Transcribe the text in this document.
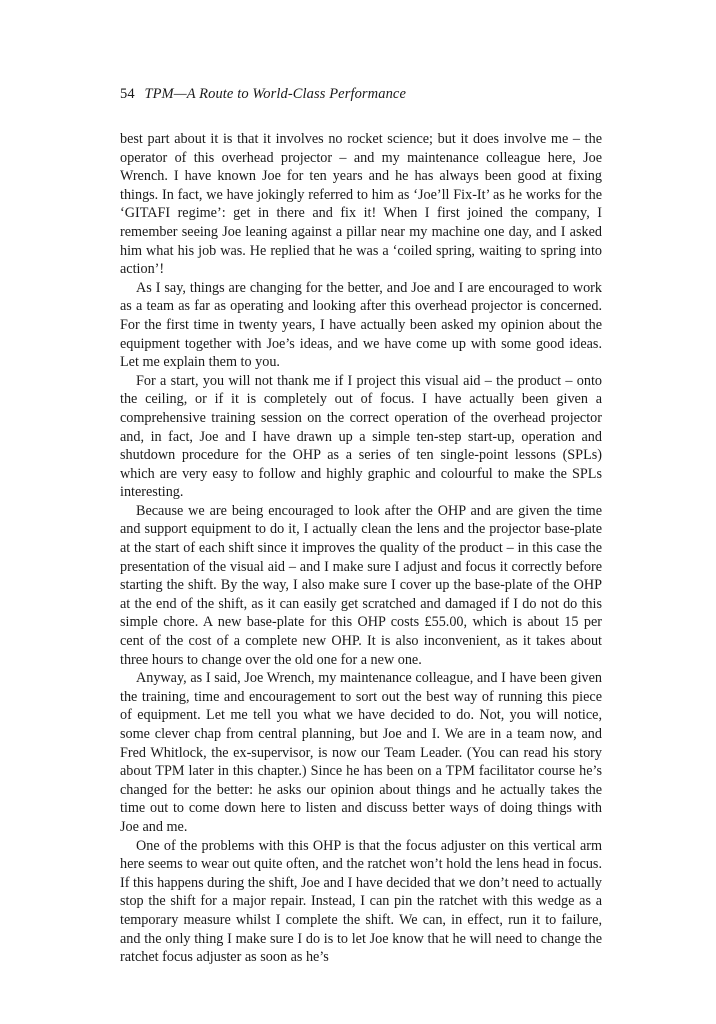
54 TPM—A Route to World-Class Performance

best part about it is that it involves no rocket science; but it does involve me – the operator of this overhead projector – and my maintenance colleague here, Joe Wrench. I have known Joe for ten years and he has always been good at fixing things. In fact, we have jokingly referred to him as ‘Joe’ll Fix-It’ as he works for the ‘GITAFI regime’: get in there and fix it! When I first joined the company, I remember seeing Joe leaning against a pillar near my machine one day, and I asked him what his job was. He replied that he was a ‘coiled spring, waiting to spring into action’!

As I say, things are changing for the better, and Joe and I are encouraged to work as a team as far as operating and looking after this overhead projector is concerned. For the first time in twenty years, I have actually been asked my opinion about the equipment together with Joe’s ideas, and we have come up with some good ideas. Let me explain them to you.

For a start, you will not thank me if I project this visual aid – the product – onto the ceiling, or if it is completely out of focus. I have actually been given a comprehensive training session on the correct operation of the overhead projector and, in fact, Joe and I have drawn up a simple ten-step start-up, operation and shutdown procedure for the OHP as a series of ten single-point lessons (SPLs) which are very easy to follow and highly graphic and colourful to make the SPLs interesting.

Because we are being encouraged to look after the OHP and are given the time and support equipment to do it, I actually clean the lens and the projector base-plate at the start of each shift since it improves the quality of the product – in this case the presentation of the visual aid – and I make sure I adjust and focus it correctly before starting the shift. By the way, I also make sure I cover up the base-plate of the OHP at the end of the shift, as it can easily get scratched and damaged if I do not do this simple chore. A new base-plate for this OHP costs £55.00, which is about 15 per cent of the cost of a complete new OHP. It is also inconvenient, as it takes about three hours to change over the old one for a new one.

Anyway, as I said, Joe Wrench, my maintenance colleague, and I have been given the training, time and encouragement to sort out the best way of running this piece of equipment. Let me tell you what we have decided to do. Not, you will notice, some clever chap from central planning, but Joe and I. We are in a team now, and Fred Whitlock, the ex-supervisor, is now our Team Leader. (You can read his story about TPM later in this chapter.) Since he has been on a TPM facilitator course he’s changed for the better: he asks our opinion about things and he actually takes the time out to come down here to listen and discuss better ways of doing things with Joe and me.

One of the problems with this OHP is that the focus adjuster on this vertical arm here seems to wear out quite often, and the ratchet won’t hold the lens head in focus. If this happens during the shift, Joe and I have decided that we don’t need to actually stop the shift for a major repair. Instead, I can pin the ratchet with this wedge as a temporary measure whilst I complete the shift. We can, in effect, run it to failure, and the only thing I make sure I do is to let Joe know that he will need to change the ratchet focus adjuster as soon as he’s
